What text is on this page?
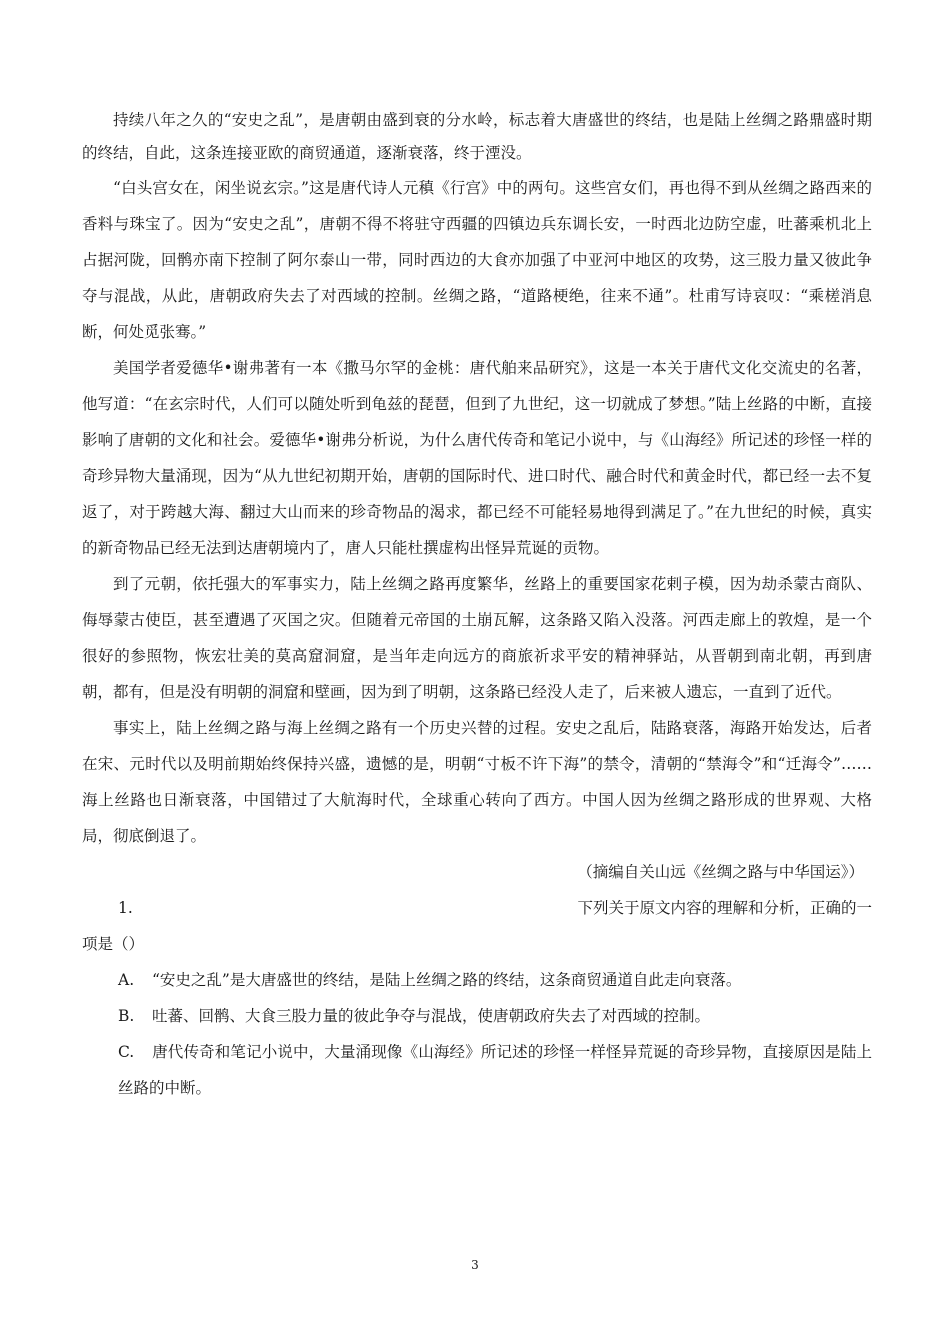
持续八年之久的“安史之乱”，是唐朝由盛到衰的分水岭，标志着大唐盛世的终结，也是陆上丝绸之路鼎盛时期的终结，自此，这条连接亚欧的商贸通道，逐渐衰落，终于湮没。

“白头宫女在，闲坐说玄宗。”这是唐代诗人元稹《行宫》中的两句。这些宫女们，再也得不到从丝绸之路西来的香料与珠宝了。因为“安史之乱”，唐朝不得不将驻守西疆的四镇边兵东调长安，一时西北边防空虚，吐蕃乘机北上占据河陇，回鹘亦南下控制了阿尔泰山一带，同时西边的大食亦加强了中亚河中地区的攻势，这三股力量又彼此争夺与混战，从此，唐朝政府失去了对西域的控制。丝绸之路，“道路梗绝，往来不通”。杜甫写诗哀叹：“乘槎消息断，何处觅张骞。”

美国学者爱德华•谢弗著有一本《撒马尔罕的金桃：唐代舶来品研究》，这是一本关于唐代文化交流史的名著，他写道：“在玄宗时代，人们可以随处听到龟兹的琵琶，但到了九世纪，这一切就成了梦想。”陆上丝路的中断，直接影响了唐朝的文化和社会。爱德华•谢弗分析说，为什么唐代传奇和笔记小说中，与《山海经》所记述的珍怪一样的奇珍异物大量涌现，因为“从九世纪初期开始，唐朝的国际时代、进口时代、融合时代和黄金时代，都已经一去不复返了，对于跨越大海、翻过大山而来的珍奇物品的渴求，都已经不可能轻易地得到满足了。”在九世纪的时候，真实的新奇物品已经无法到达唐朝境内了，唐人只能杜撰虚构出怪异荒诞的贡物。

到了元朝，依托强大的军事实力，陆上丝绸之路再度繁华，丝路上的重要国家花剌子模，因为劫杀蒙古商队、侮辱蒙古使臣，甚至遭遇了灭国之灾。但随着元帝国的土崩瓦解，这条路又陷入没落。河西走廊上的敦煌，是一个很好的参照物，恢宏壮美的莫高窟洞窟，是当年走向远方的商旅祈求平安的精神驿站，从晋朝到南北朝，再到唐朝，都有，但是没有明朝的洞窟和壁画，因为到了明朝，这条路已经没人走了，后来被人遗忘，一直到了近代。

事实上，陆上丝绸之路与海上丝绸之路有一个历史兴替的过程。安史之乱后，陆路衰落，海路开始发达，后者在宋、元时代以及明前期始终保持兴盛，遗憾的是，明朝“寸板不许下海”的禁令，清朝的“禁海令”和“迁海令”……海上丝路也日渐衰落，中国错过了大航海时代，全球重心转向了西方。中国人因为丝绸之路形成的世界观、大格局，彻底倒退了。

（摘编自关山远《丝绸之路与中华国运》）

1.	下列关于原文内容的理解和分析，正确的一

项是（）

A. “安史之乱”是大唐盛世的终结，是陆上丝绸之路的终结，这条商贸通道自此走向衰落。

B. 吐蕃、回鹘、大食三股力量的彼此争夺与混战，使唐朝政府失去了对西域的控制。

C. 唐代传奇和笔记小说中，大量涌现像《山海经》所记述的珍怪一样怪异荒诞的奇珍异物，直接原因是陆上丝路的中断。

3
